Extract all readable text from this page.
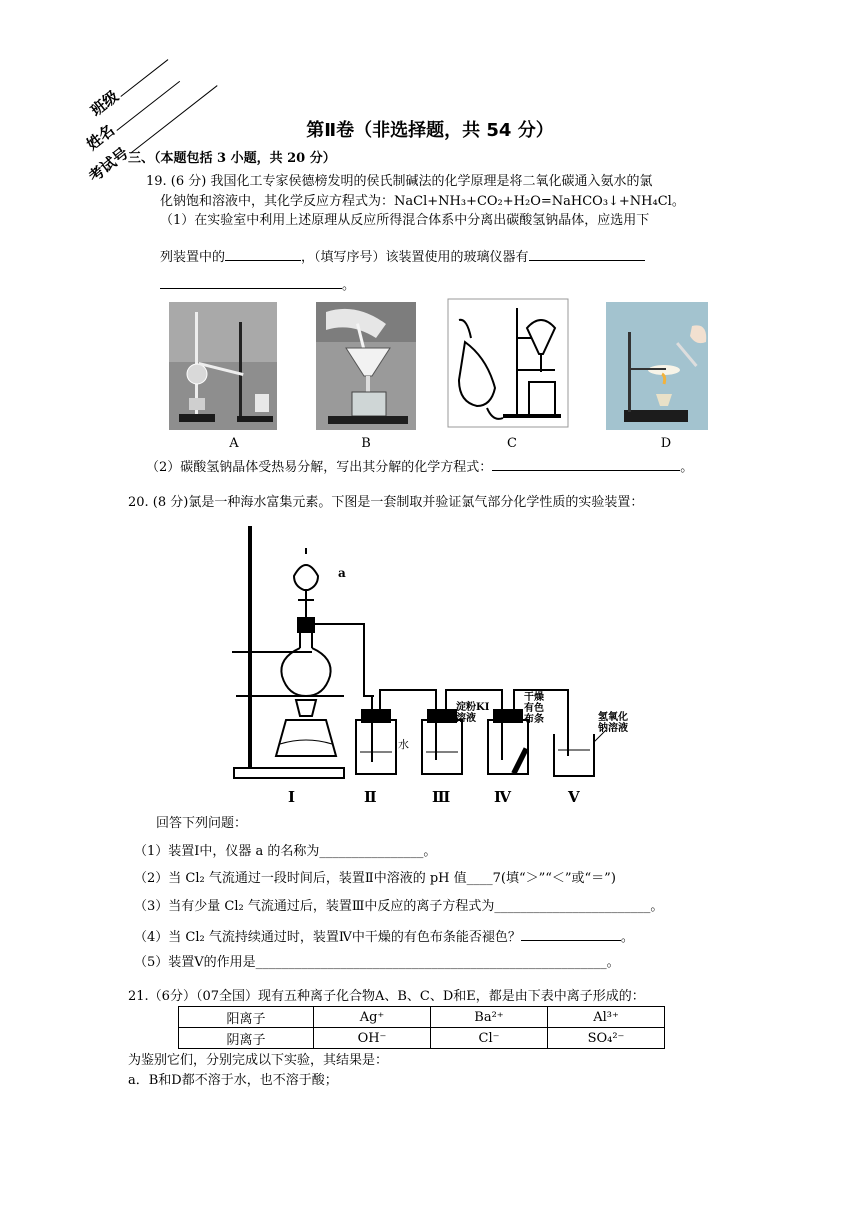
班级
姓名
考试号
第Ⅱ卷（非选择题，共 54 分）
三、（本题包括 3 小题，共 20 分）
19. (6 分) 我国化工专家侯德榜发明的侯氏制碱法的化学原理是将二氧化碳通入氨水的氯
化钠饱和溶液中，其化学反应方程式为：NaCl+NH₃+CO₂+H₂O=NaHCO₃↓+NH₄Cl。
（1）在实验室中利用上述原理从反应所得混合体系中分离出碳酸氢钠晶体，应选用下
列装置中的	，（填写序号）该装置使用的玻璃仪器有
。
A	B	C	D
（2）碳酸氢钠晶体受热易分解，写出其分解的化学方程式：	。
20. (8 分)氯是一种海水富集元素。下图是一套制取并验证氯气部分化学性质的实验装置：
a
水
淀粉KI
溶液
干燥
有色
布条	氢氧化
钠溶液
Ⅰ	Ⅱ	Ⅲ	Ⅳ	Ⅴ
回答下列问题：
（1）装置Ⅰ中，仪器 a 的名称为________________。
（2）当 Cl₂ 气流通过一段时间后，装置Ⅱ中溶液的 pH 值____7(填“＞”“＜”或“＝”)
（3）当有少量 Cl₂ 气流通过后，装置Ⅲ中反应的离子方程式为________________________。
（4）当 Cl₂ 气流持续通过时，装置Ⅳ中干燥的有色布条能否褪色？	。
（5）装置Ⅴ的作用是______________________________________________________。
21.（6分）（07全国）现有五种离子化合物A、B、C、D和E，都是由下表中离子形成的：
阳离子	Ag⁺	Ba²⁺	Al³⁺
阴离子	OH⁻	Cl⁻	SO₄²⁻
为鉴别它们，分别完成以下实验，其结果是：
a．B和D都不溶于水，也不溶于酸；
